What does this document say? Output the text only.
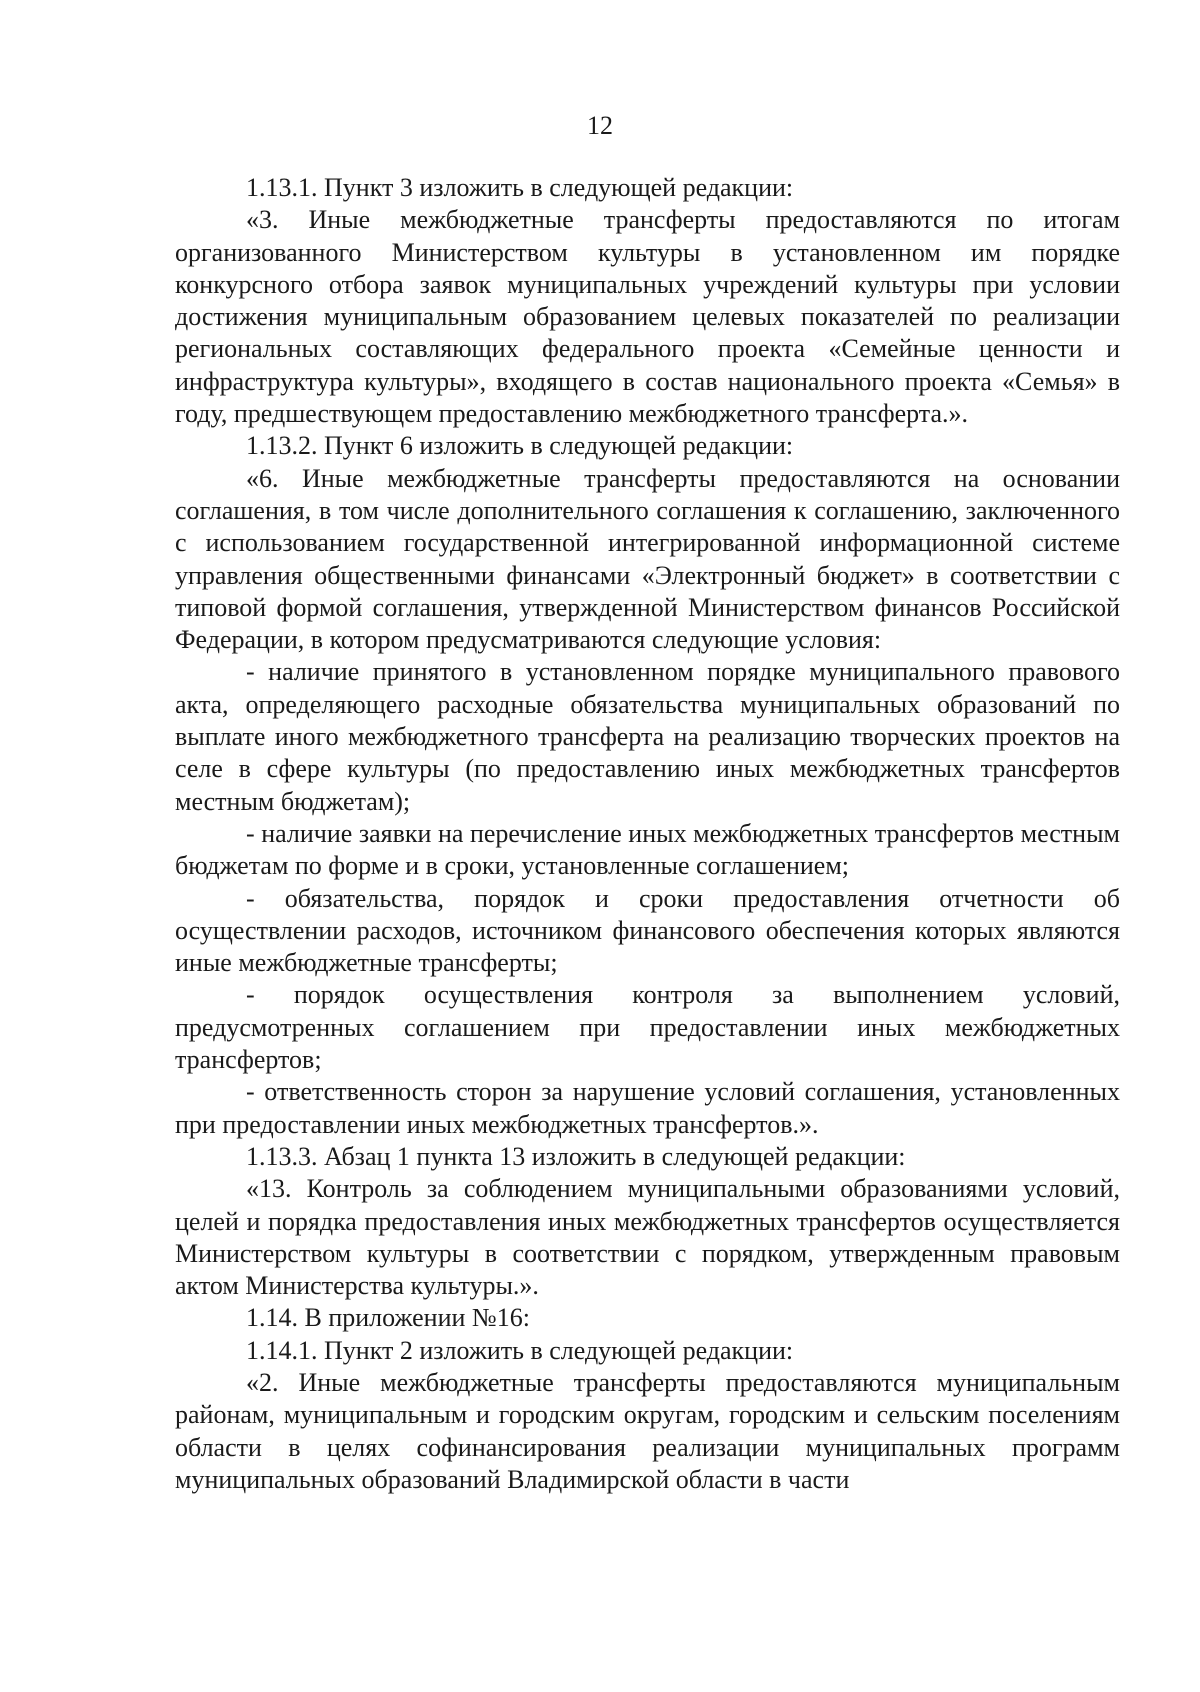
12

1.13.1. Пункт 3 изложить в следующей редакции:

«3. Иные межбюджетные трансферты предоставляются по итогам организованного Министерством культуры в установленном им порядке конкурсного отбора заявок муниципальных учреждений культуры при условии достижения муниципальным образованием целевых показателей по реализации региональных составляющих федерального проекта «Семейные ценности и инфраструктура культуры», входящего в состав национального проекта «Семья» в году, предшествующем предоставлению межбюджетного трансферта.».

1.13.2. Пункт 6 изложить в следующей редакции:

«6. Иные межбюджетные трансферты предоставляются на основании соглашения, в том числе дополнительного соглашения к соглашению, заключенного с использованием государственной интегрированной информационной системе управления общественными финансами «Электронный бюджет» в соответствии с типовой формой соглашения, утвержденной Министерством финансов Российской Федерации, в котором предусматриваются следующие условия:

- наличие принятого в установленном порядке муниципального правового акта, определяющего расходные обязательства муниципальных образований по выплате иного межбюджетного трансферта на реализацию творческих проектов на селе в сфере культуры (по предоставлению иных межбюджетных трансфертов местным бюджетам);

- наличие заявки на перечисление иных межбюджетных трансфертов местным бюджетам по форме и в сроки, установленные соглашением;

- обязательства, порядок и сроки предоставления отчетности об осуществлении расходов, источником финансового обеспечения которых являются иные межбюджетные трансферты;

- порядок осуществления контроля за выполнением условий, предусмотренных соглашением при предоставлении иных межбюджетных трансфертов;

- ответственность сторон за нарушение условий соглашения, установленных при предоставлении иных межбюджетных трансфертов.».

1.13.3. Абзац 1 пункта 13 изложить в следующей редакции:

«13. Контроль за соблюдением муниципальными образованиями условий, целей и порядка предоставления иных межбюджетных трансфертов осуществляется Министерством культуры в соответствии с порядком, утвержденным правовым актом Министерства культуры.».

1.14. В приложении №16:

1.14.1. Пункт 2 изложить в следующей редакции:

«2. Иные межбюджетные трансферты предоставляются муниципальным районам, муниципальным и городским округам, городским и сельским поселениям области в целях софинансирования реализации муниципальных программ муниципальных образований Владимирской области в части
